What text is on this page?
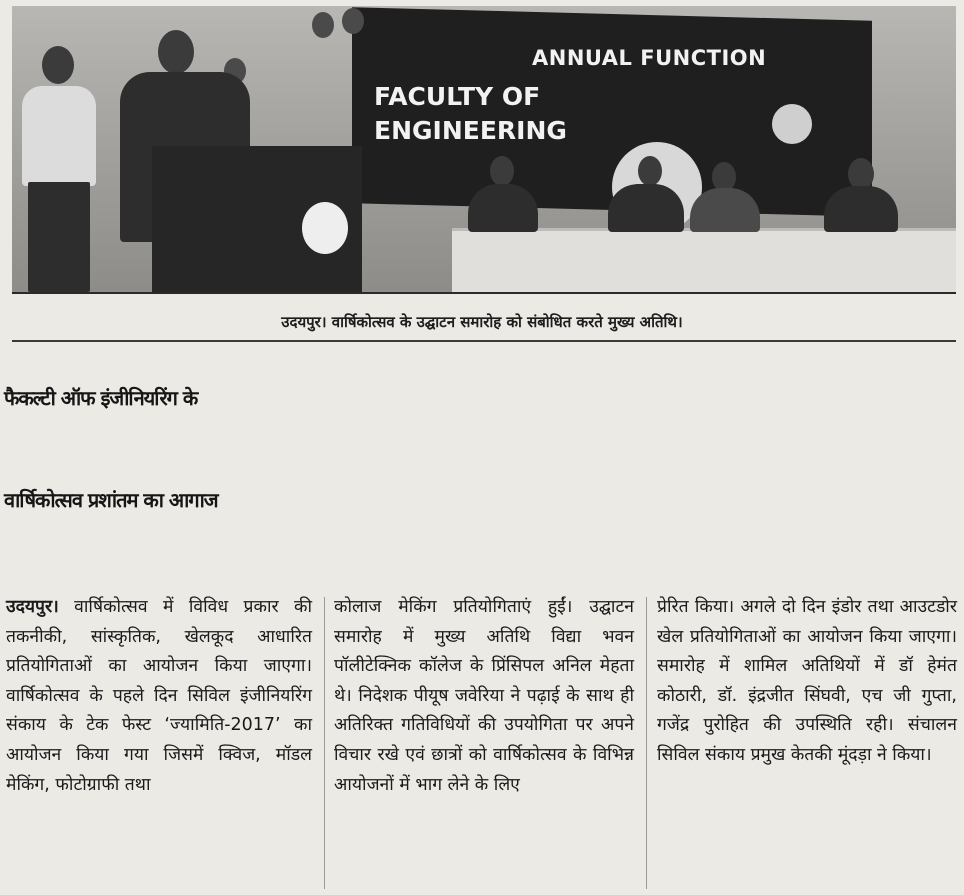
ANNUAL FUNCTION
FACULTY OF ENGINEERING
उदयपुर। वार्षिकोत्सव के उद्घाटन समारोह को संबोधित करते मुख्य अतिथि।
फैकल्टी ऑफ इंजीनियरिंग के
वार्षिकोत्सव प्रशांतम का आगाज
उदयपुर। वार्षिकोत्सव में विविध प्रकार की तकनीकी, सांस्कृतिक, खेलकूद आधारित प्रतियोगिताओं का आयोजन किया जाएगा। वार्षिकोत्सव के पहले दिन सिविल इंजीनियरिंग संकाय के टेक फेस्ट ‘ज्यामिति-2017’ का आयोजन किया गया जिसमें क्विज, मॉडल मेकिंग, फोटोग्राफी तथा
कोलाज मेकिंग प्रतियोगिताएं हुईं। उद्घाटन समारोह में मुख्य अतिथि विद्या भवन पॉलीटेक्निक कॉलेज के प्रिंसिपल अनिल मेहता थे। निदेशक पीयूष जवेरिया ने पढ़ाई के साथ ही अतिरिक्त गतिविधियों की उपयोगिता पर अपने विचार रखे एवं छात्रों को वार्षिकोत्सव के विभिन्न आयोजनों में भाग लेने के लिए
प्रेरित किया। अगले दो दिन इंडोर तथा आउटडोर खेल प्रतियोगिताओं का आयोजन किया जाएगा। समारोह में शामिल अतिथियों में डॉ हेमंत कोठारी, डॉ. इंद्रजीत सिंघवी, एच जी गुप्ता, गजेंद्र पुरोहित की उपस्थिति रही। संचालन सिविल संकाय प्रमुख केतकी मूंदड़ा ने किया।
